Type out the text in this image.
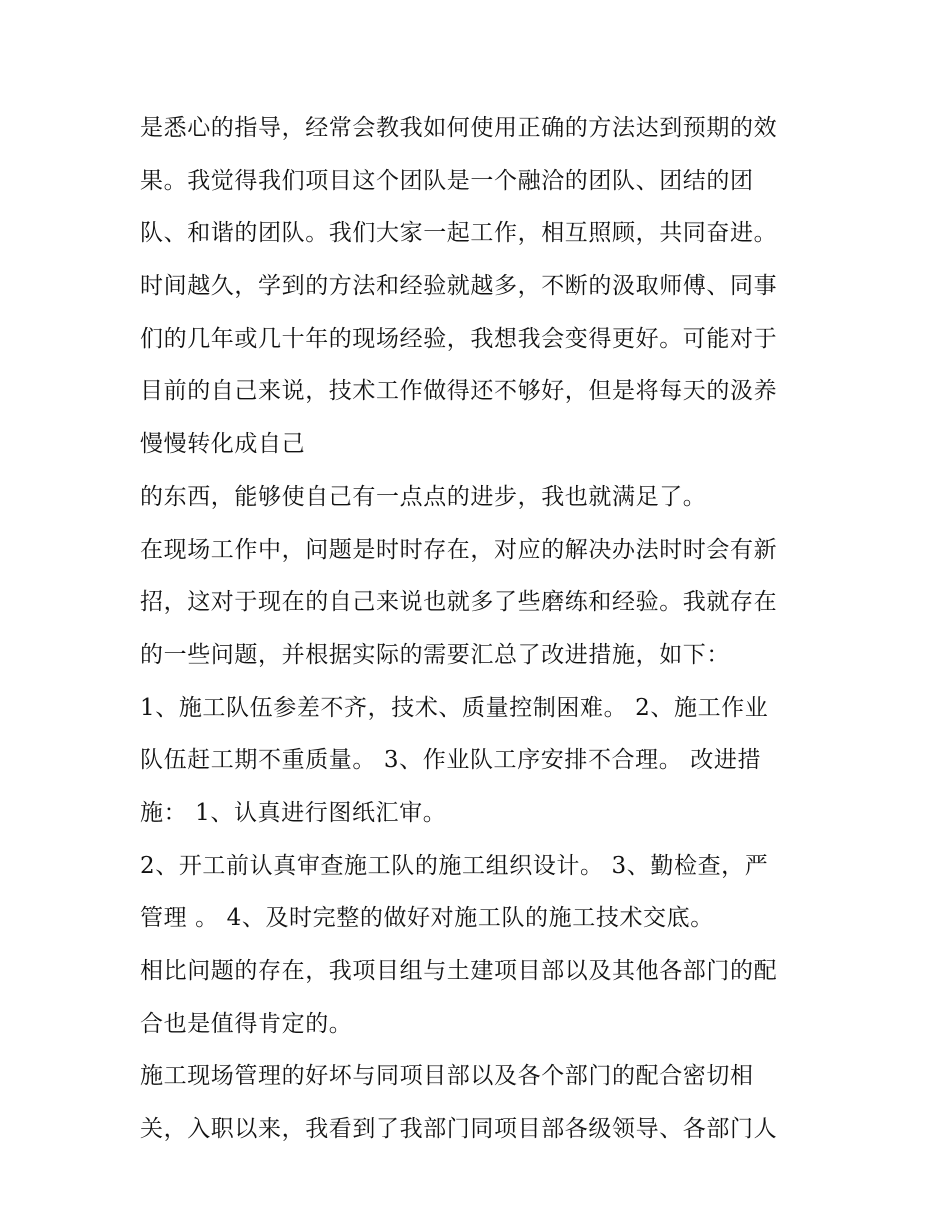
是悉心的指导，经常会教我如何使用正确的方法达到预期的效
果。我觉得我们项目这个团队是一个融洽的团队、团结的团
队、和谐的团队。我们大家一起工作，相互照顾，共同奋进。
时间越久，学到的方法和经验就越多，不断的汲取师傅、同事
们的几年或几十年的现场经验，我想我会变得更好。可能对于
目前的自己来说，技术工作做得还不够好，但是将每天的汲养
慢慢转化成自己
的东西，能够使自己有一点点的进步，我也就满足了。
在现场工作中，问题是时时存在，对应的解决办法时时会有新
招，这对于现在的自己来说也就多了些磨练和经验。我就存在
的一些问题，并根据实际的需要汇总了改进措施，如下：
1、施工队伍参差不齐，技术、质量控制困难。 2、施工作业
队伍赶工期不重质量。 3、作业队工序安排不合理。 改进措
施： 1、认真进行图纸汇审。
2、开工前认真审查施工队的施工组织设计。 3、勤检查，严
管理 。 4、及时完整的做好对施工队的施工技术交底。
相比问题的存在，我项目组与土建项目部以及其他各部门的配
合也是值得肯定的。
施工现场管理的好坏与同项目部以及各个部门的配合密切相
关，入职以来，我看到了我部门同项目部各级领导、各部门人
